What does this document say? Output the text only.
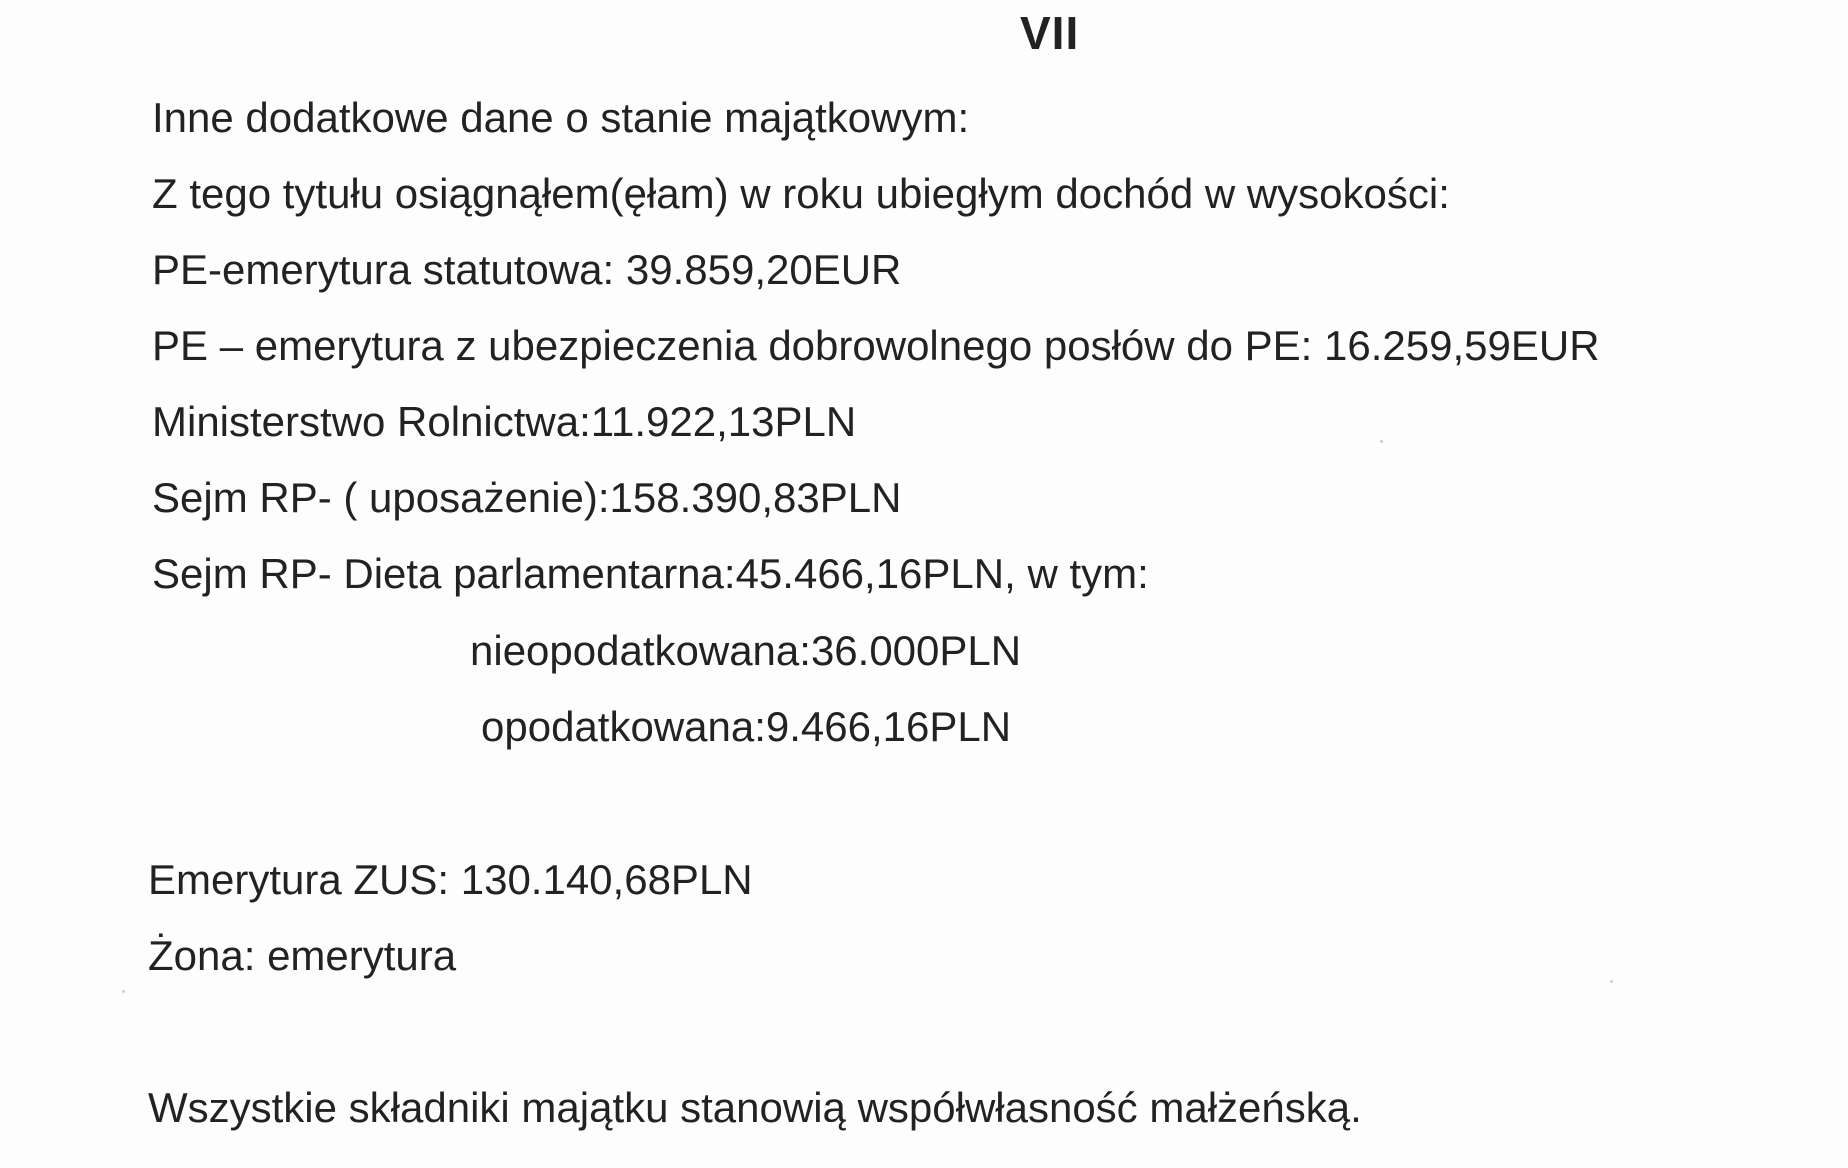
VII
Inne dodatkowe dane o stanie majątkowym:
Z tego tytułu osiągnąłem(ęłam) w roku ubiegłym dochód w wysokości:
PE-emerytura statutowa: 39.859,20EUR
PE – emerytura z ubezpieczenia dobrowolnego posłów do PE: 16.259,59EUR
Ministerstwo Rolnictwa:11.922,13PLN
Sejm RP- ( uposażenie):158.390,83PLN
Sejm RP- Dieta parlamentarna:45.466,16PLN, w tym:
nieopodatkowana:36.000PLN
opodatkowana:9.466,16PLN
Emerytura ZUS: 130.140,68PLN
Żona: emerytura
Wszystkie składniki majątku stanowią współwłasność małżeńską.
